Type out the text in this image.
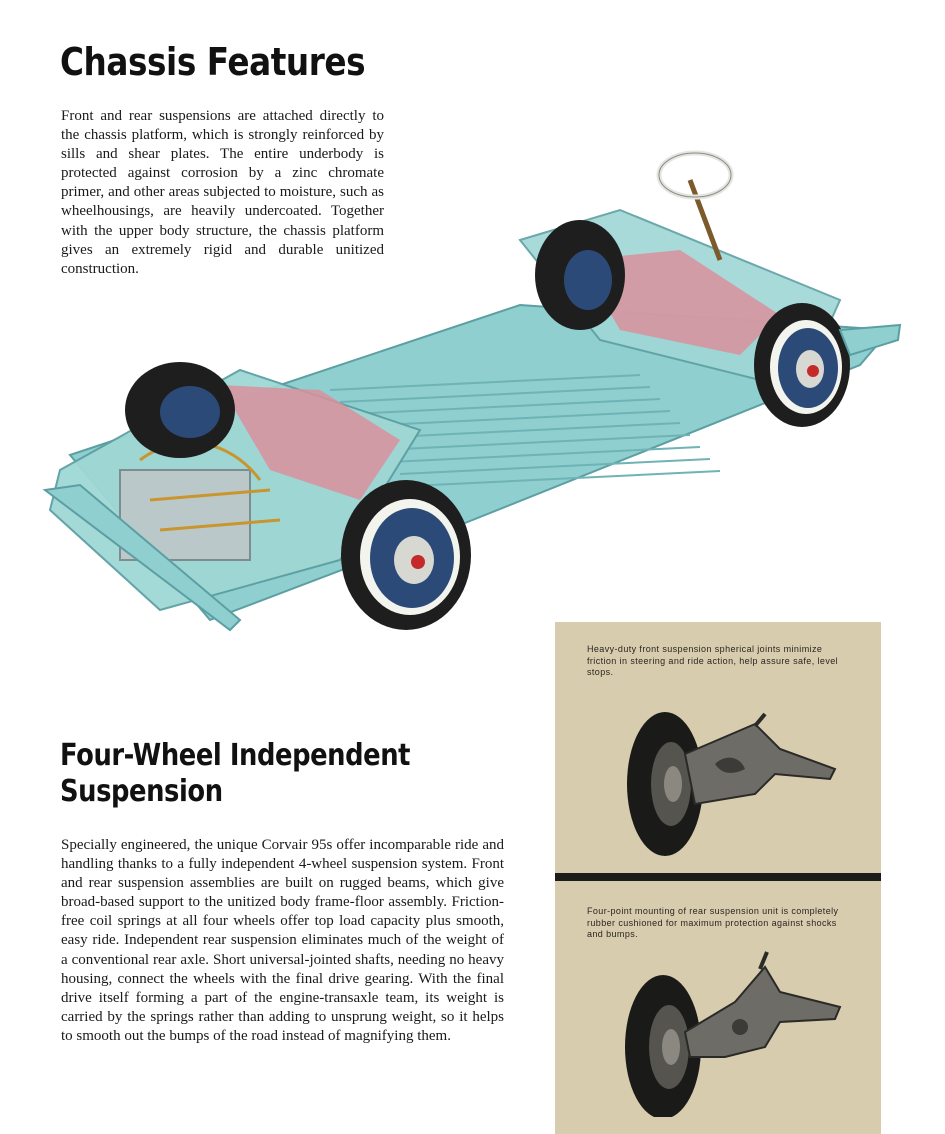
Chassis Features

Front and rear suspensions are attached directly to the chassis platform, which is strongly reinforced by sills and shear plates. The entire underbody is protected against corrosion by a zinc chromate primer, and other areas subjected to moisture, such as wheelhousings, are heavily undercoated. Together with the upper body structure, the chassis platform gives an extremely rigid and durable unitized construction.

Four-Wheel Independent
Suspension

Specially engineered, the unique Corvair 95s offer incomparable ride and handling thanks to a fully independent 4-wheel suspension system. Front and rear suspension assemblies are built on rugged beams, which give broad-based support to the unitized body frame-floor assembly. Friction-free coil springs at all four wheels offer top load capacity plus smooth, easy ride. Independent rear suspension eliminates much of the weight of a conventional rear axle. Short universal-jointed shafts, needing no heavy housing, connect the wheels with the final drive gearing. With the final drive itself forming a part of the engine-transaxle team, its weight is carried by the springs rather than adding to unsprung weight, so it helps to smooth out the bumps of the road instead of magnifying them.

Heavy-duty front suspension spherical joints minimize friction in steering and ride action, help assure safe, level stops.

Four-point mounting of rear suspension unit is completely rubber cushioned for maximum protection against shocks and bumps.
